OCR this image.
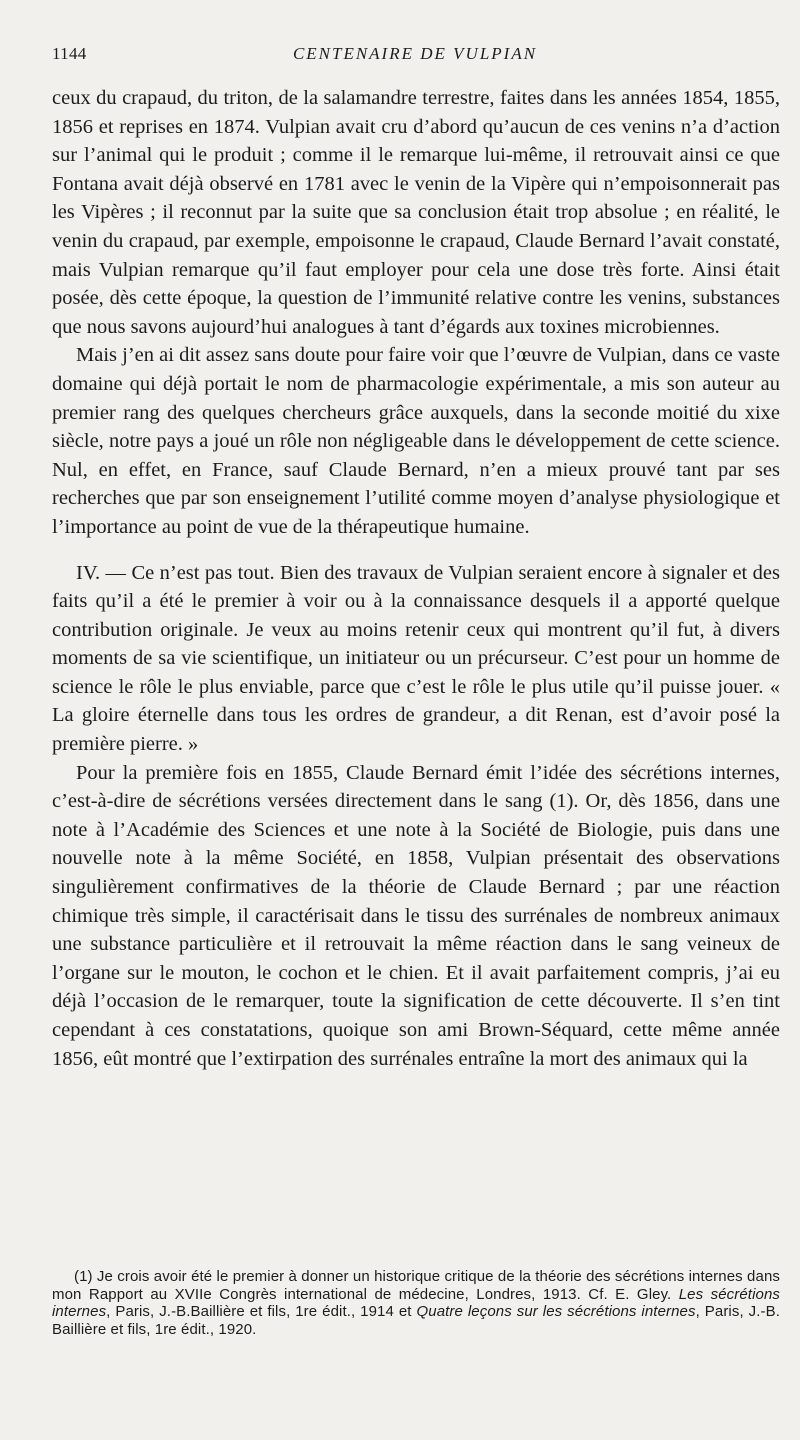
1144	CENTENAIRE DE VULPIAN

ceux du crapaud, du triton, de la salamandre terrestre, faites dans les années 1854, 1855, 1856 et reprises en 1874. Vulpian avait cru d’abord qu’aucun de ces venins n’a d’action sur l’animal qui le produit ; comme il le remarque lui-même, il retrouvait ainsi ce que Fontana avait déjà observé en 1781 avec le venin de la Vipère qui n’empoisonnerait pas les Vipères ; il reconnut par la suite que sa conclusion était trop absolue ; en réalité, le venin du crapaud, par exemple, empoisonne le crapaud, Claude Bernard l’avait constaté, mais Vulpian remarque qu’il faut employer pour cela une dose très forte. Ainsi était posée, dès cette époque, la question de l’immunité relative contre les venins, substances que nous savons aujourd’hui analogues à tant d’égards aux toxines microbiennes.

Mais j’en ai dit assez sans doute pour faire voir que l’œuvre de Vulpian, dans ce vaste domaine qui déjà portait le nom de pharmacologie expérimentale, a mis son auteur au premier rang des quelques chercheurs grâce auxquels, dans la seconde moitié du xixe siècle, notre pays a joué un rôle non négligeable dans le développement de cette science. Nul, en effet, en France, sauf Claude Bernard, n’en a mieux prouvé tant par ses recherches que par son enseignement l’utilité comme moyen d’analyse physiologique et l’importance au point de vue de la thérapeutique humaine.

IV. — Ce n’est pas tout. Bien des travaux de Vulpian seraient encore à signaler et des faits qu’il a été le premier à voir ou à la connaissance desquels il a apporté quelque contribution originale. Je veux au moins retenir ceux qui montrent qu’il fut, à divers moments de sa vie scientifique, un initiateur ou un précurseur. C’est pour un homme de science le rôle le plus enviable, parce que c’est le rôle le plus utile qu’il puisse jouer. « La gloire éternelle dans tous les ordres de grandeur, a dit Renan, est d’avoir posé la première pierre. »

Pour la première fois en 1855, Claude Bernard émit l’idée des sécrétions internes, c’est-à-dire de sécrétions versées directement dans le sang (1). Or, dès 1856, dans une note à l’Académie des Sciences et une note à la Société de Biologie, puis dans une nouvelle note à la même Société, en 1858, Vulpian présentait des observations singulièrement confirmatives de la théorie de Claude Bernard ; par une réaction chimique très simple, il caractérisait dans le tissu des surrénales de nombreux animaux une substance particulière et il retrouvait la même réaction dans le sang veineux de l’organe sur le mouton, le cochon et le chien. Et il avait parfaitement compris, j’ai eu déjà l’occasion de le remarquer, toute la signification de cette découverte. Il s’en tint cependant à ces constatations, quoique son ami Brown-Séquard, cette même année 1856, eût montré que l’extirpation des surrénales entraîne la mort des animaux qui la

(1) Je crois avoir été le premier à donner un historique critique de la théorie des sécrétions internes dans mon Rapport au XVIIe Congrès international de médecine, Londres, 1913. Cf. E. Gley. Les sécrétions internes, Paris, J.-B.Baillière et fils, 1re édit., 1914 et Quatre leçons sur les sécrétions internes, Paris, J.-B. Baillière et fils, 1re édit., 1920.
